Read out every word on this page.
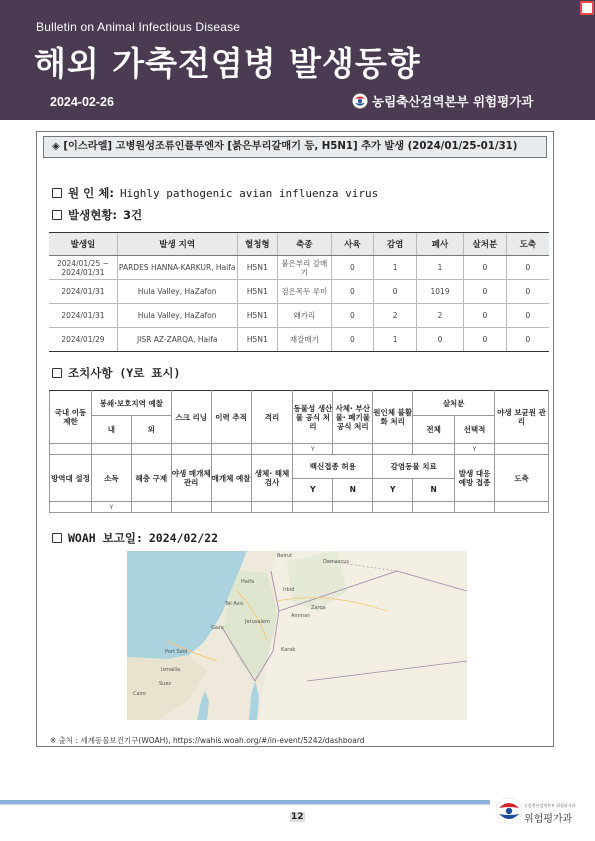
Bulletin on Animal Infectious Disease
해외 가축전염병 발생동향
2024-02-26	농림축산검역본부 위험평가과
◈ [이스라엘] 고병원성조류인플루엔자 [붉은부리갈매기 등, H5N1] 추가 발생 (2024/01/25-01/31)
원 인 체: Highly pathogenic avian influenza virus
발생현황: 3건
발생일	발생 지역	혈청형	축종	사육	감염	폐사	살처분	도축
2024/01/25 ~ 2024/01/31	PARDES HANNA-KARKUR, Haifa	H5N1	붉은부리 갈매기	0	1	1	0	0
2024/01/31	Hula Valley, HaZafon	H5N1	검은목두 루미	0	0	1019	0	0
2024/01/31	Hula Valley, HaZafon	H5N1	왜가리	0	2	2	0	0
2024/01/29	JISR AZ-ZARQA, Haifa	H5N1	재갈매기	0	1	0	0	0
조치사항 (Y로 표시)
국내 이동 제한	봉쇄·보호지역 예찰		스크 리닝	이력 추적	격리	동물성 생산물 공식 처리	사체· 부산물· 폐기물 공식 처리	원인체 불활화 처리	살처분		야생 보균원 관리
	내	외							전체	선택적	
						Y				Y	
방역대 설정	소독	해충 구제	야생 매개체 관리	매개체 예찰	생체· 해체 검사	백신접종 허용		감염동물 치료		발생 대응 예방 접종	도축
						Y	N	Y	N		
	Y										
WOAH 보고일: 2024/02/22
Haifa
Tel Aviv
Jerusalem
Amman
Beirut
Damascus
Cairo
Port Said
Ismailia
Suez
Gaza
Irbid
Zarqa
Karak
※ 출처 : 세계동물보건기구(WOAH), https://wahis.woah.org/#/in-event/5242/dashboard
12
농림축산검역본부 위험평가과
위험평가과
